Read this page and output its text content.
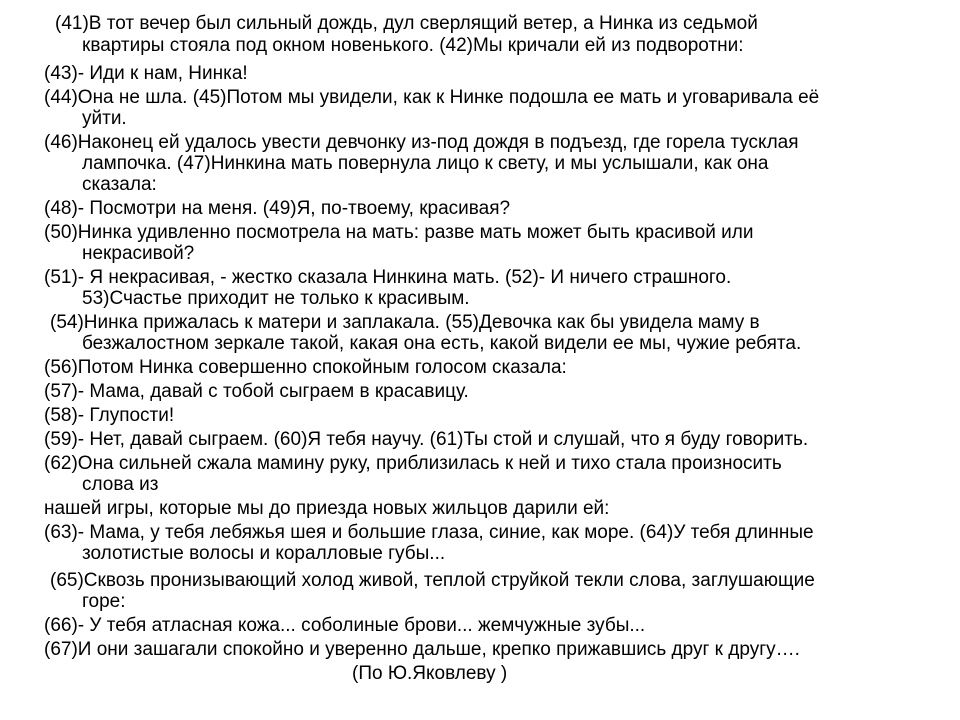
(41)В тот вечер был сильный дождь, дул сверлящий ветер, а Нинка из седьмой
квартиры стояла под окном новенького. (42)Мы кричали ей из подворотни:
(43)- Иди к нам, Нинка!
(44)Она не шла. (45)Потом мы увидели, как к Нинке подошла ее мать и уговаривала её
уйти.
(46)Наконец ей удалось увести девчонку из-под дождя в подъезд, где горела тусклая
лампочка. (47)Нинкина мать повернула лицо к свету, и мы услышали, как она
сказала:
(48)- Посмотри на меня. (49)Я, по-твоему, красивая?
(50)Нинка удивленно посмотрела на мать: разве мать может быть красивой или
некрасивой?
(51)- Я некрасивая, - жестко сказала Нинкина мать. (52)- И ничего страшного.
53)Счастье приходит не только к красивым.
(54)Нинка прижалась к матери и заплакала. (55)Девочка как бы увидела маму в
безжалостном зеркале такой, какая она есть, какой видели ее мы, чужие ребята.
(56)Потом Нинка совершенно спокойным голосом сказала:
(57)- Мама, давай с тобой сыграем в красавицу.
(58)- Глупости!
(59)- Нет, давай сыграем. (60)Я тебя научу. (61)Ты стой и слушай, что я буду говорить.
(62)Она сильней сжала мамину руку, приблизилась к ней и тихо стала произносить
слова из
нашей игры, которые мы до приезда новых жильцов дарили ей:
(63)- Мама, у тебя лебяжья шея и большие глаза, синие, как море. (64)У тебя длинные
золотистые волосы и коралловые губы...
(65)Сквозь пронизывающий холод живой, теплой струйкой текли слова, заглушающие
горе:
(66)- У тебя атласная кожа... соболиные брови... жемчужные зубы...
(67)И они зашагали спокойно и уверенно дальше, крепко прижавшись друг к другу….
(По Ю.Яковлеву )
